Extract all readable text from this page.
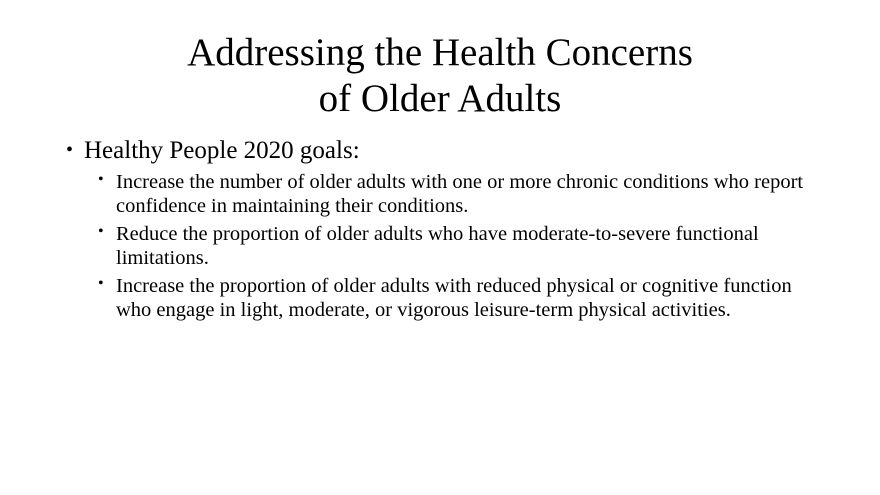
Addressing the Health Concerns
of Older Adults
• Healthy People 2020 goals:
• Increase the number of older adults with one or more chronic conditions who report confidence in maintaining their conditions.
• Reduce the proportion of older adults who have moderate-to-severe functional limitations.
• Increase the proportion of older adults with reduced physical or cognitive function who engage in light, moderate, or vigorous leisure-term physical activities.
